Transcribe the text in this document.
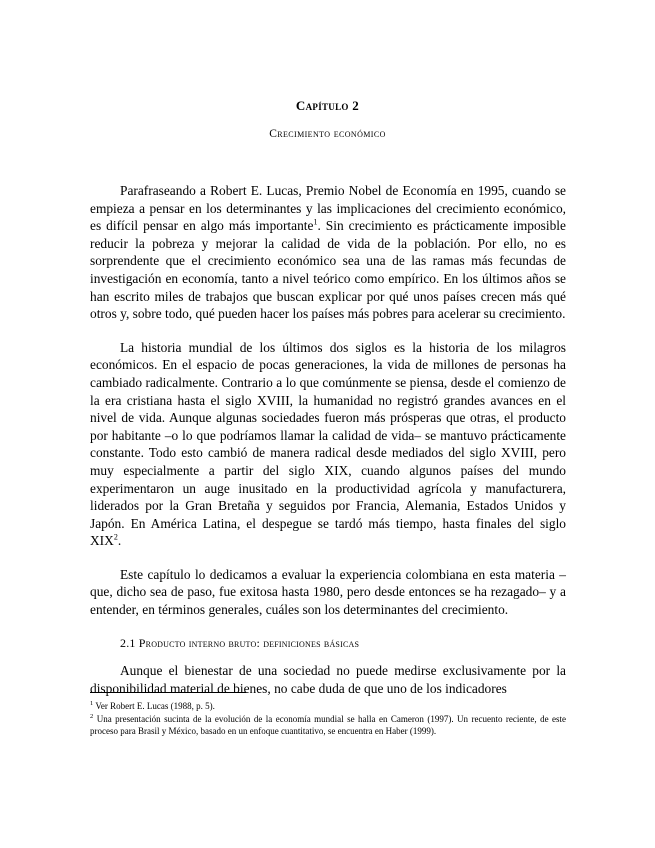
Capítulo 2
Crecimiento económico

Parafraseando a Robert E. Lucas, Premio Nobel de Economía en 1995, cuando se empieza a pensar en los determinantes y las implicaciones del crecimiento económico, es difícil pensar en algo más importante$^1$. Sin crecimiento es prácticamente imposible reducir la pobreza y mejorar la calidad de vida de la población. Por ello, no es sorprendente que el crecimiento económico sea una de las ramas más fecundas de investigación en economía, tanto a nivel teórico como empírico. En los últimos años se han escrito miles de trabajos que buscan explicar por qué unos países crecen más qué otros y, sobre todo, qué pueden hacer los países más pobres para acelerar su crecimiento.

La historia mundial de los últimos dos siglos es la historia de los milagros económicos. En el espacio de pocas generaciones, la vida de millones de personas ha cambiado radicalmente. Contrario a lo que comúnmente se piensa, desde el comienzo de la era cristiana hasta el siglo XVIII, la humanidad no registró grandes avances en el nivel de vida. Aunque algunas sociedades fueron más prósperas que otras, el producto por habitante –o lo que podríamos llamar la calidad de vida– se mantuvo prácticamente constante. Todo esto cambió de manera radical desde mediados del siglo XVIII, pero muy especialmente a partir del siglo XIX, cuando algunos países del mundo experimentaron un auge inusitado en la productividad agrícola y manufacturera, liderados por la Gran Bretaña y seguidos por Francia, Alemania, Estados Unidos y Japón. En América Latina, el despegue se tardó más tiempo, hasta finales del siglo XIX$^2$.

Este capítulo lo dedicamos a evaluar la experiencia colombiana en esta materia –que, dicho sea de paso, fue exitosa hasta 1980, pero desde entonces se ha rezagado– y a entender, en términos generales, cuáles son los determinantes del crecimiento.

2.1 Producto interno bruto: definiciones básicas

Aunque el bienestar de una sociedad no puede medirse exclusivamente por la disponibilidad material de bienes, no cabe duda de que uno de los indicadores

$^1$ Ver Robert E. Lucas (1988, p. 5).

$^2$ Una presentación sucinta de la evolución de la economía mundial se halla en Cameron (1997). Un recuento reciente, de este proceso para Brasil y México, basado en un enfoque cuantitativo, se encuentra en Haber (1999).
